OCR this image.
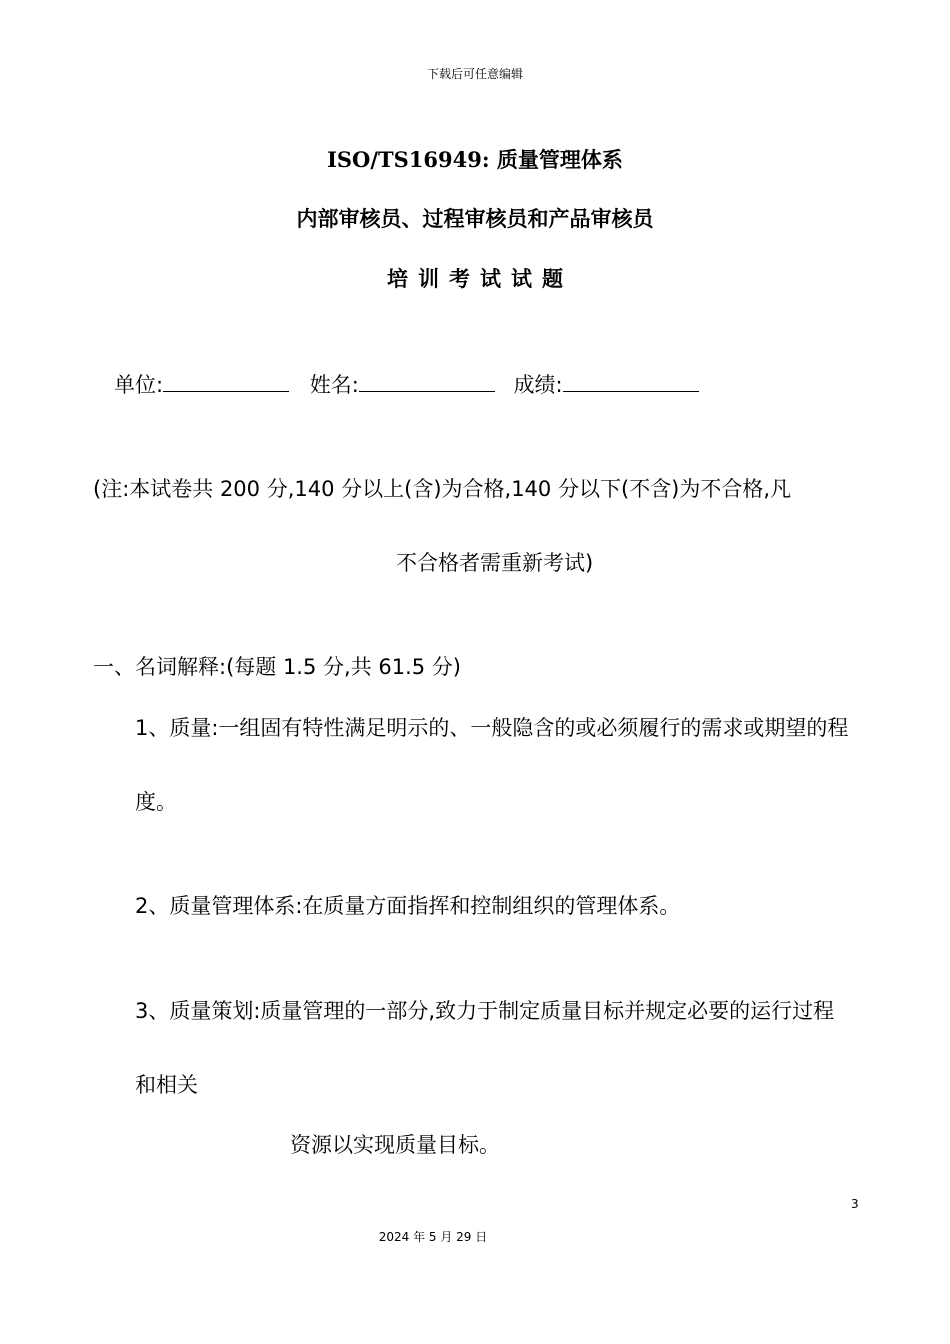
下载后可任意编辑
ISO/TS16949: 质量管理体系
内部审核员、过程审核员和产品审核员
培训考试试题
单位:	姓名:	成绩:
(注:本试卷共 200 分,140 分以上(含)为合格,140 分以下(不含)为不合格,凡
不合格者需重新考试)
一、名词解释:(每题 1.5 分,共 61.5 分)
1、质量:一组固有特性满足明示的、一般隐含的或必须履行的需求或期望的程
度。
2、质量管理体系:在质量方面指挥和控制组织的管理体系。
3、质量策划:质量管理的一部分,致力于制定质量目标并规定必要的运行过程
和相关
资源以实现质量目标。
3
2024 年 5 月 29 日
